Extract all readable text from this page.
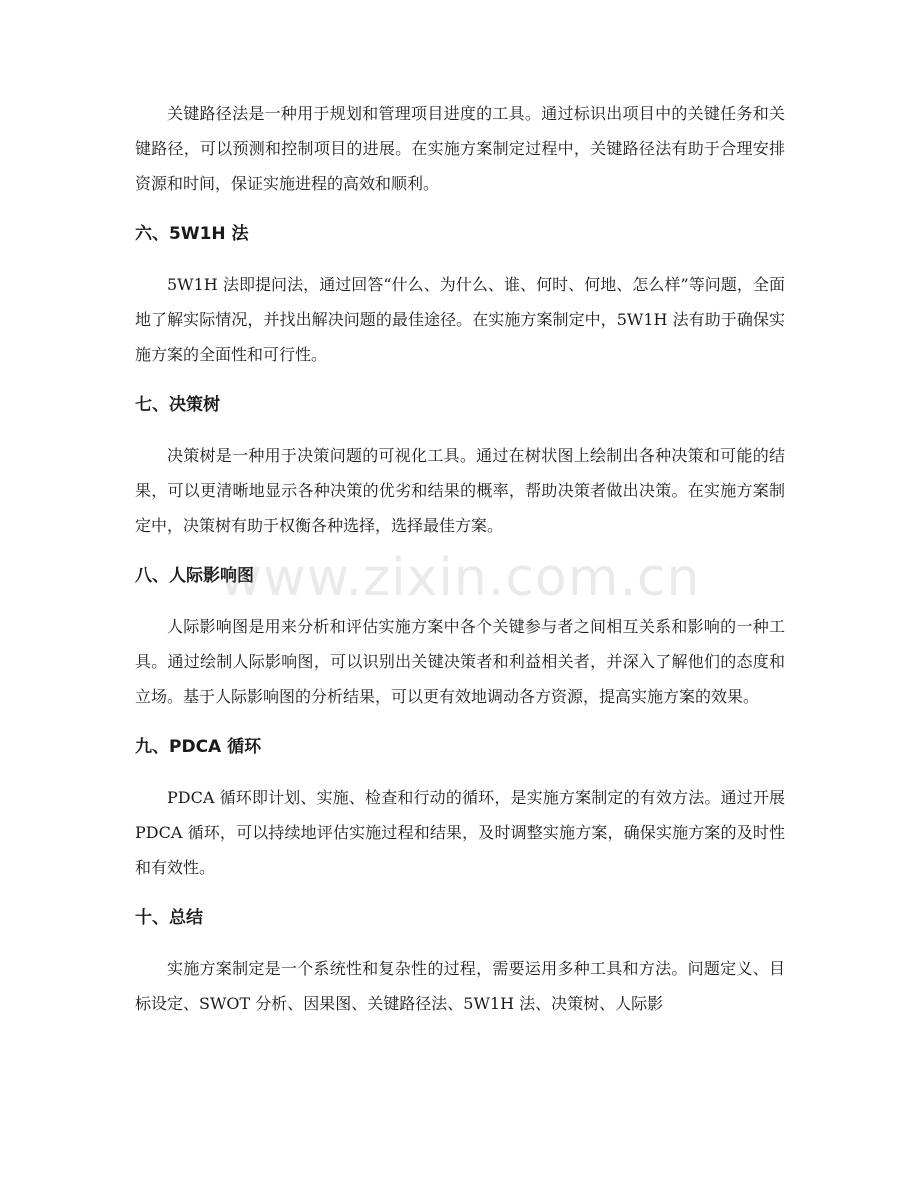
关键路径法是一种用于规划和管理项目进度的工具。通过标识出项目中的关键任务和关键路径，可以预测和控制项目的进展。在实施方案制定过程中，关键路径法有助于合理安排资源和时间，保证实施进程的高效和顺利。

六、5W1H 法

5W1H 法即提问法，通过回答“什么、为什么、谁、何时、何地、怎么样”等问题，全面地了解实际情况，并找出解决问题的最佳途径。在实施方案制定中，5W1H 法有助于确保实施方案的全面性和可行性。

七、决策树

决策树是一种用于决策问题的可视化工具。通过在树状图上绘制出各种决策和可能的结果，可以更清晰地显示各种决策的优劣和结果的概率，帮助决策者做出决策。在实施方案制定中，决策树有助于权衡各种选择，选择最佳方案。

八、人际影响图

人际影响图是用来分析和评估实施方案中各个关键参与者之间相互关系和影响的一种工具。通过绘制人际影响图，可以识别出关键决策者和利益相关者，并深入了解他们的态度和立场。基于人际影响图的分析结果，可以更有效地调动各方资源，提高实施方案的效果。

九、PDCA 循环

PDCA 循环即计划、实施、检查和行动的循环，是实施方案制定的有效方法。通过开展 PDCA 循环，可以持续地评估实施过程和结果，及时调整实施方案，确保实施方案的及时性和有效性。

十、总结

实施方案制定是一个系统性和复杂性的过程，需要运用多种工具和方法。问题定义、目标设定、SWOT 分析、因果图、关键路径法、5W1H 法、决策树、人际影

www.zixin.com.cn
